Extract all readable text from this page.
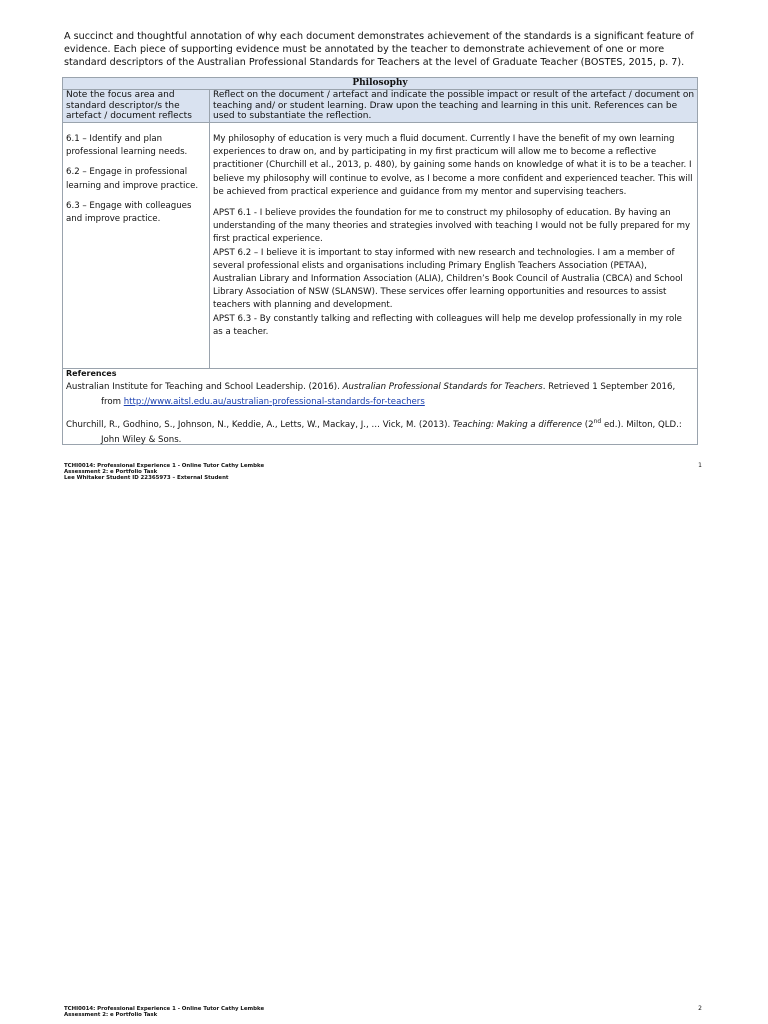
A succinct and thoughtful annotation of why each document demonstrates achievement of the standards is a significant feature of evidence. Each piece of supporting evidence must be annotated by the teacher to demonstrate achievement of one or more standard descriptors of the Australian Professional Standards for Teachers at the level of Graduate Teacher (BOSTES, 2015, p. 7).
Philosophy
Note the focus area and standard descriptor/s the artefact / document reflects
Reflect on the document / artefact and indicate the possible impact or result of the artefact / document on teaching and/ or student learning. Draw upon the teaching and learning in this unit. References can be used to substantiate the reflection.

6.1 – Identify and plan professional learning needs.

6.2 – Engage in professional learning and improve practice.

6.3 – Engage with colleagues and improve practice.

My philosophy of education is very much a fluid document. Currently I have the benefit of my own learning experiences to draw on, and by participating in my first practicum will allow me to become a reflective practitioner (Churchill et al., 2013, p. 480), by gaining some hands on knowledge of what it is to be a teacher. I believe my philosophy will continue to evolve, as I become a more confident and experienced teacher. This will be achieved from practical experience and guidance from my mentor and supervising teachers.

APST 6.1 - I believe provides the foundation for me to construct my philosophy of education. By having an understanding of the many theories and strategies involved with teaching I would not be fully prepared for my first practical experience.

APST 6.2 – I believe it is important to stay informed with new research and technologies. I am a member of several professional elists and organisations including Primary English Teachers Association (PETAA), Australian Library and Information Association (ALIA), Children’s Book Council of Australia (CBCA) and School Library Association of NSW (SLANSW). These services offer learning opportunities and resources to assist teachers with planning and development.

APST 6.3 - By constantly talking and reflecting with colleagues will help me develop professionally in my role as a teacher.

References
Australian Institute for Teaching and School Leadership. (2016). Australian Professional Standards for Teachers. Retrieved 1 September 2016, from http://www.aitsl.edu.au/australian-professional-standards-for-teachers
Churchill, R., Godhino, S., Johnson, N., Keddie, A., Letts, W., Mackay, J., … Vick, M. (2013). Teaching: Making a difference (2nd ed.). Milton, QLD.: John Wiley & Sons.
TCHI0014: Professional Experience 1 - Online Tutor Cathy Lembke
Assessment 2: e Portfolio Task
Lee Whitaker Student ID 22365973 – External Student
1
TCHI0014: Professional Experience 1 - Online Tutor Cathy Lembke
Assessment 2: e Portfolio Task
2
